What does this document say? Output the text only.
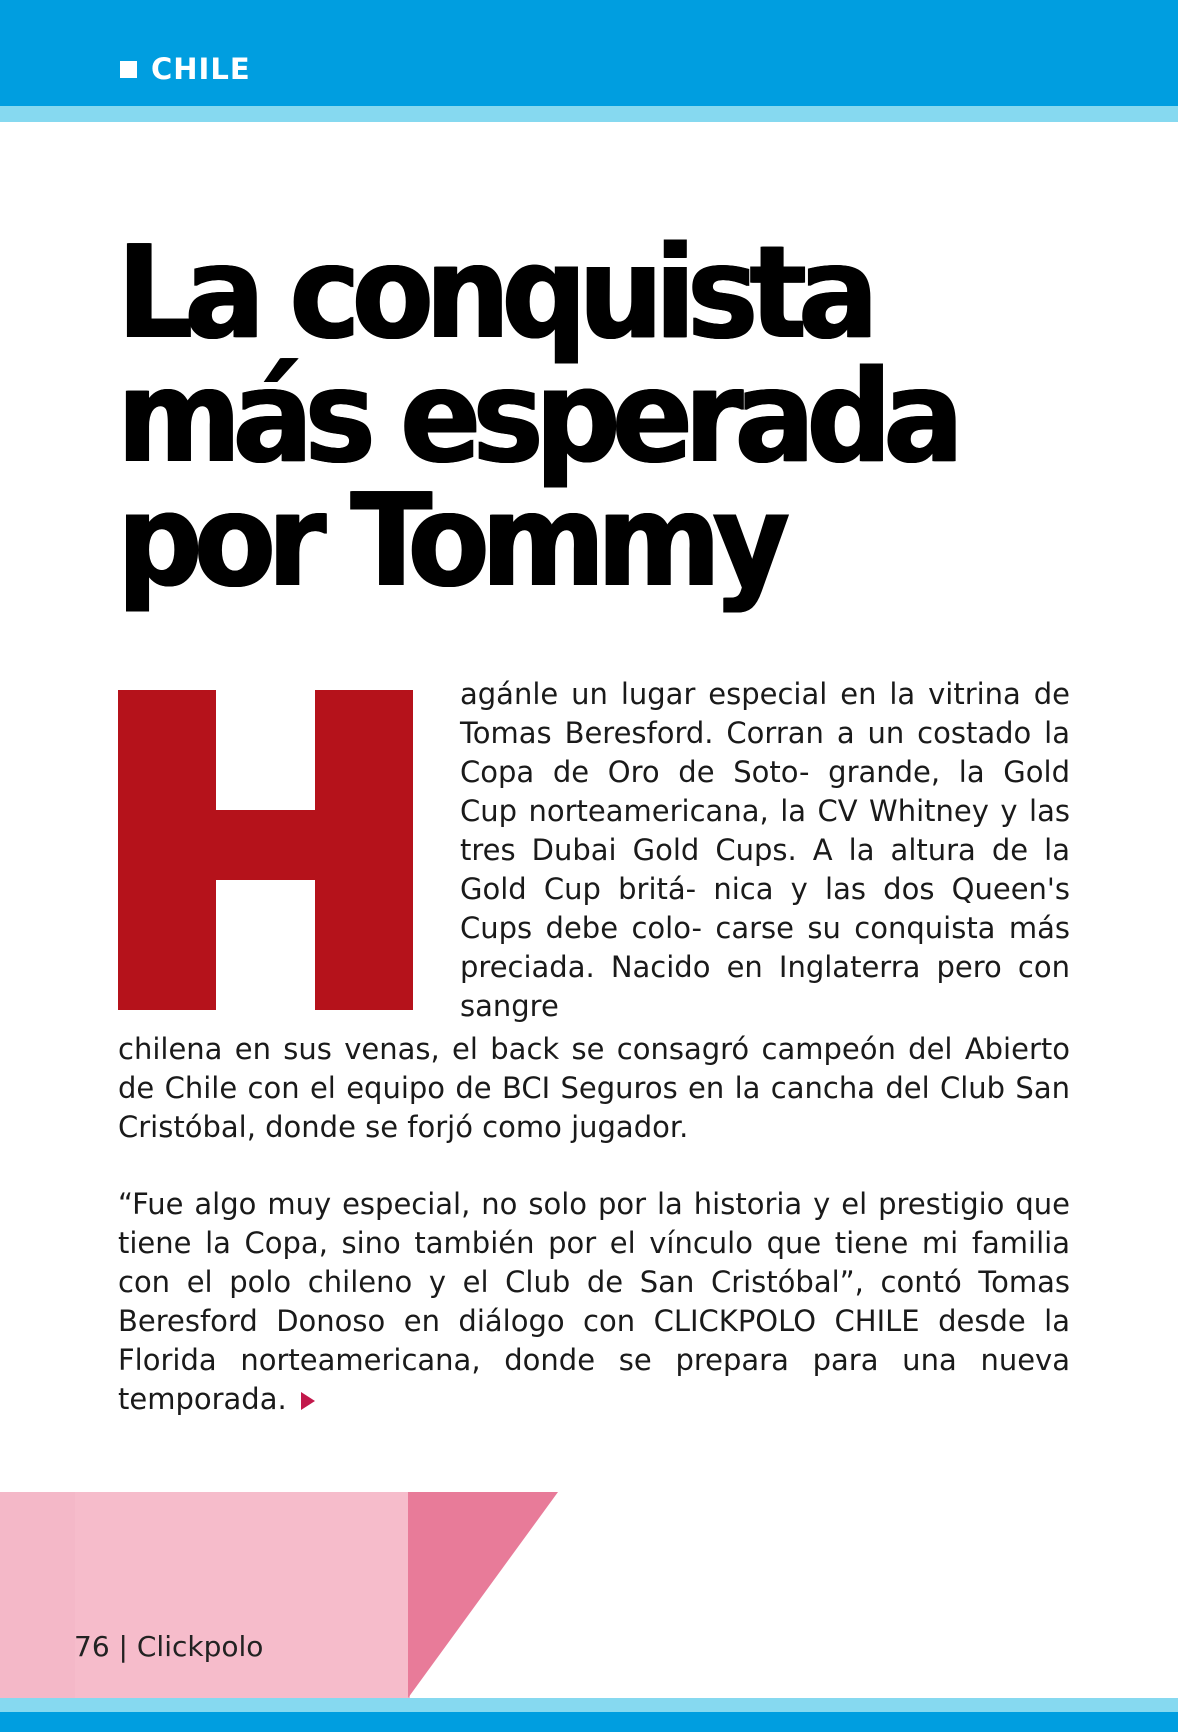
CHILE
La conquista
más esperada
por Tommy

agánle un lugar especial en la vitrina de Tomas Beresford. Corran a un costado la Copa de Oro de Soto- grande, la Gold Cup norteamericana, la CV Whitney y las tres Dubai Gold Cups. A la altura de la Gold Cup britá- nica y las dos Queen's Cups debe colo- carse su conquista más preciada. Nacido en Inglaterra pero con sangre

chilena en sus venas, el back se consagró campeón del Abierto de Chile con el equipo de BCI Seguros en la cancha del Club San Cristóbal, donde se forjó como jugador.

“Fue algo muy especial, no solo por la historia y el prestigio que tiene la Copa, sino también por el vínculo que tiene mi familia con el polo chileno y el Club de San Cristóbal”, contó Tomas Beresford Donoso en diálogo con CLICKPOLO CHILE desde la Florida norteamericana, donde se prepara para una nueva temporada.

76 | Clickpolo
